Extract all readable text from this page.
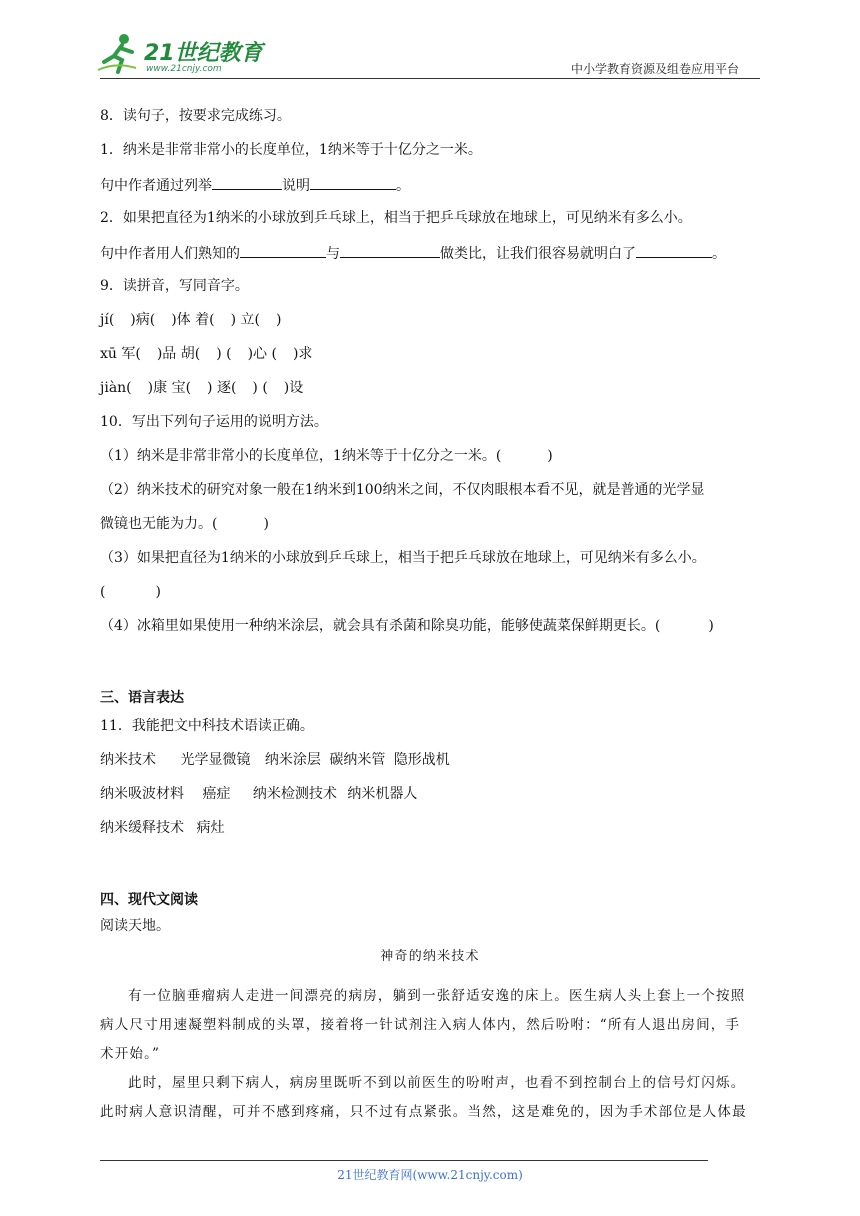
21世纪教育
www.21cnjy.com	中小学教育资源及组卷应用平台
8．读句子，按要求完成练习。
1．纳米是非常非常小的长度单位，1纳米等于十亿分之一米。
句中作者通过列举	说明	。
2．如果把直径为1纳米的小球放到乒乓球上，相当于把乒乓球放在地球上，可见纳米有多么小。
句中作者用人们熟知的	与	做类比，让我们很容易就明白了	。
9．读拼音，写同音字。
jí( )病( )体 着( ) 立( )
xū 军( )品 胡( ) ( )心 ( )求
jiàn( )康 宝( ) 逐( ) ( )设
10．写出下列句子运用的说明方法。
（1）纳米是非常非常小的长度单位，1纳米等于十亿分之一米。(	)
（2）纳米技术的研究对象一般在1纳米到100纳米之间，不仅肉眼根本看不见，就是普通的光学显
微镜也无能为力。(	)
（3）如果把直径为1纳米的小球放到乒乓球上，相当于把乒乓球放在地球上，可见纳米有多么小。
(	)
（4）冰箱里如果使用一种纳米涂层，就会具有杀菌和除臭功能，能够使蔬菜保鲜期更长。(	)
三、语言表达
11．我能把文中科技术语读正确。
纳米技术 光学显微镜 纳米涂层 碳纳米管 隐形战机
纳米吸波材料 癌症 纳米检测技术 纳米机器人
纳米缓释技术 病灶
四、现代文阅读
阅读天地。
神奇的纳米技术
有一位脑垂瘤病人走进一间漂亮的病房，躺到一张舒适安逸的床上。医生病人头上套上一个按照
病人尺寸用速凝塑料制成的头罩，接着将一针试剂注入病人体内，然后吩咐：“所有人退出房间，手
术开始。”
此时，屋里只剩下病人，病房里既听不到以前医生的吩咐声，也看不到控制台上的信号灯闪烁。
此时病人意识清醒，可并不感到疼痛，只不过有点紧张。当然，这是难免的，因为手术部位是人体最
21世纪教育网(www.21cnjy.com)
